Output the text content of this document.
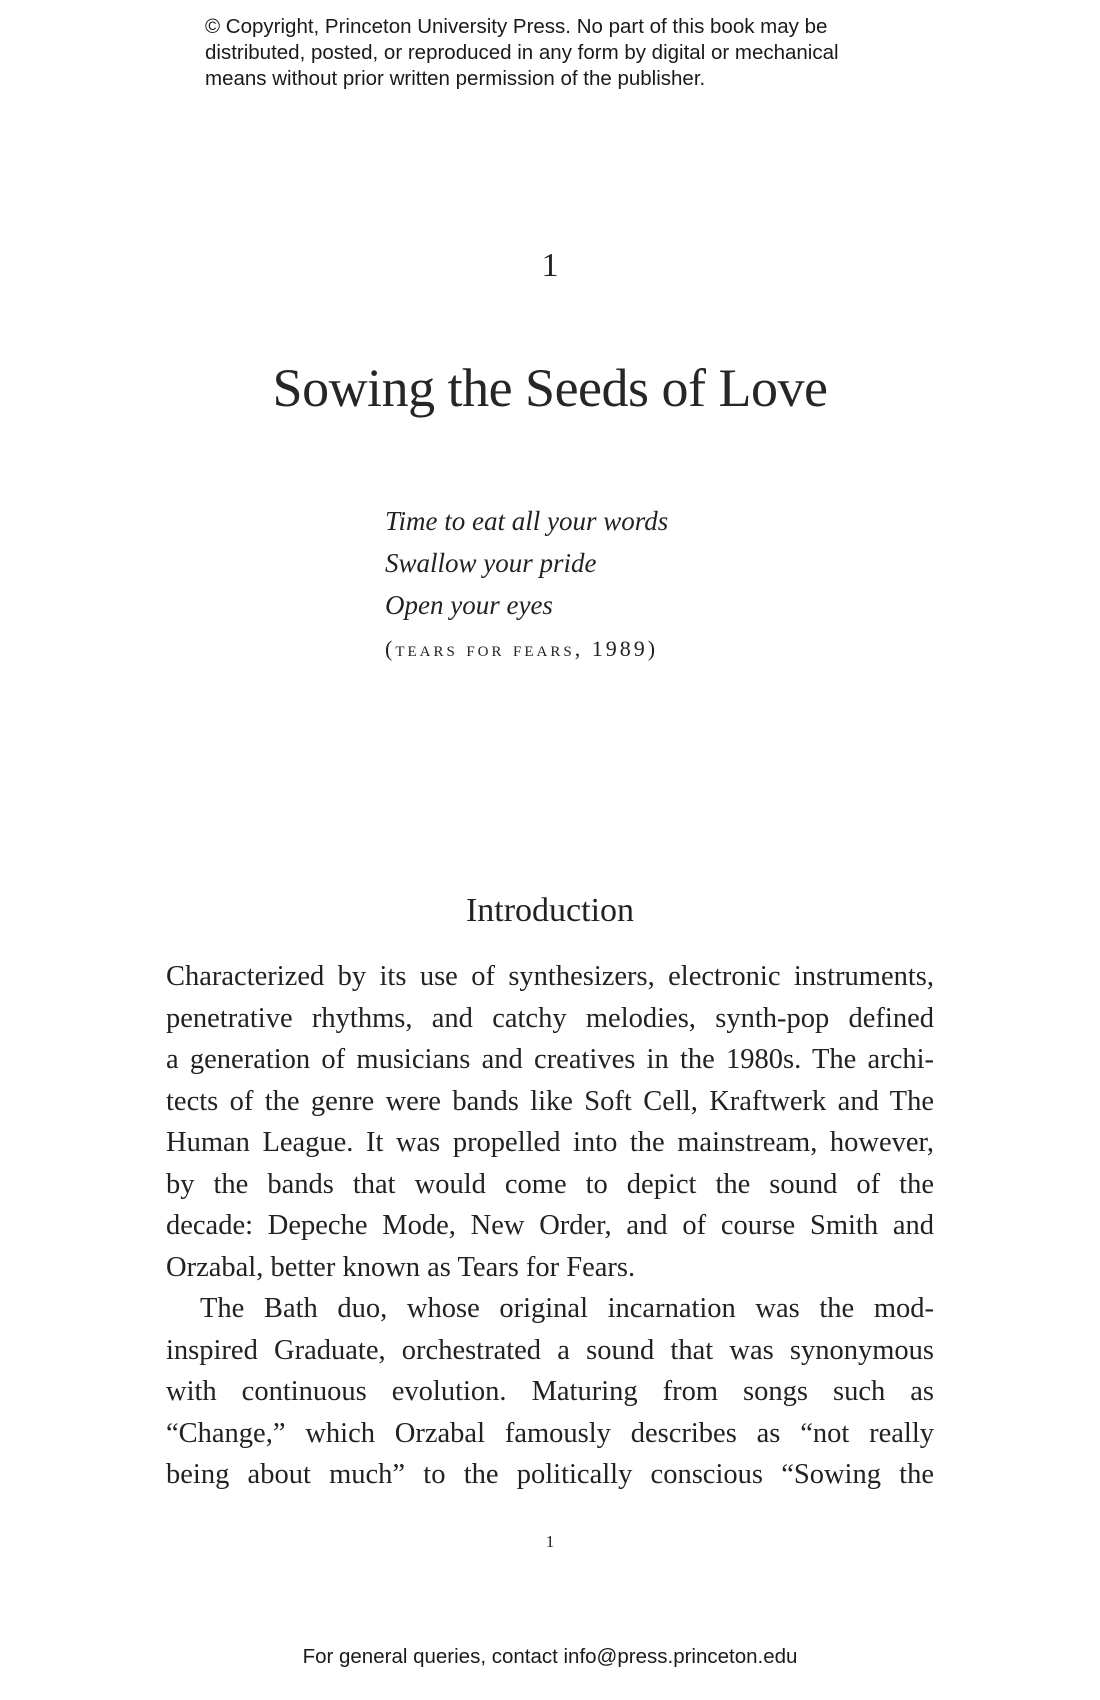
© Copyright, Princeton University Press. No part of this book may be
distributed, posted, or reproduced in any form by digital or mechanical
means without prior written permission of the publisher.
1
Sowing the Seeds of Love
Time to eat all your words
Swallow your pride
Open your eyes
(tears for fears, 1989)
Introduction
Characterized by its use of synthesizers, electronic instruments,
penetrative rhythms, and catchy melodies, synth-pop defined
a generation of musicians and creatives in the 1980s. The archi-
tects of the genre were bands like Soft Cell, Kraftwerk and The
Human League. It was propelled into the mainstream, however,
by the bands that would come to depict the sound of the
decade: Depeche Mode, New Order, and of course Smith and
Orzabal, better known as Tears for Fears.
The Bath duo, whose original incarnation was the mod-
inspired Graduate, orchestrated a sound that was synonymous
with continuous evolution. Maturing from songs such as
“Change,” which Orzabal famously describes as “not really
being about much” to the politically conscious “Sowing the
1
For general queries, contact info@press.princeton.edu
